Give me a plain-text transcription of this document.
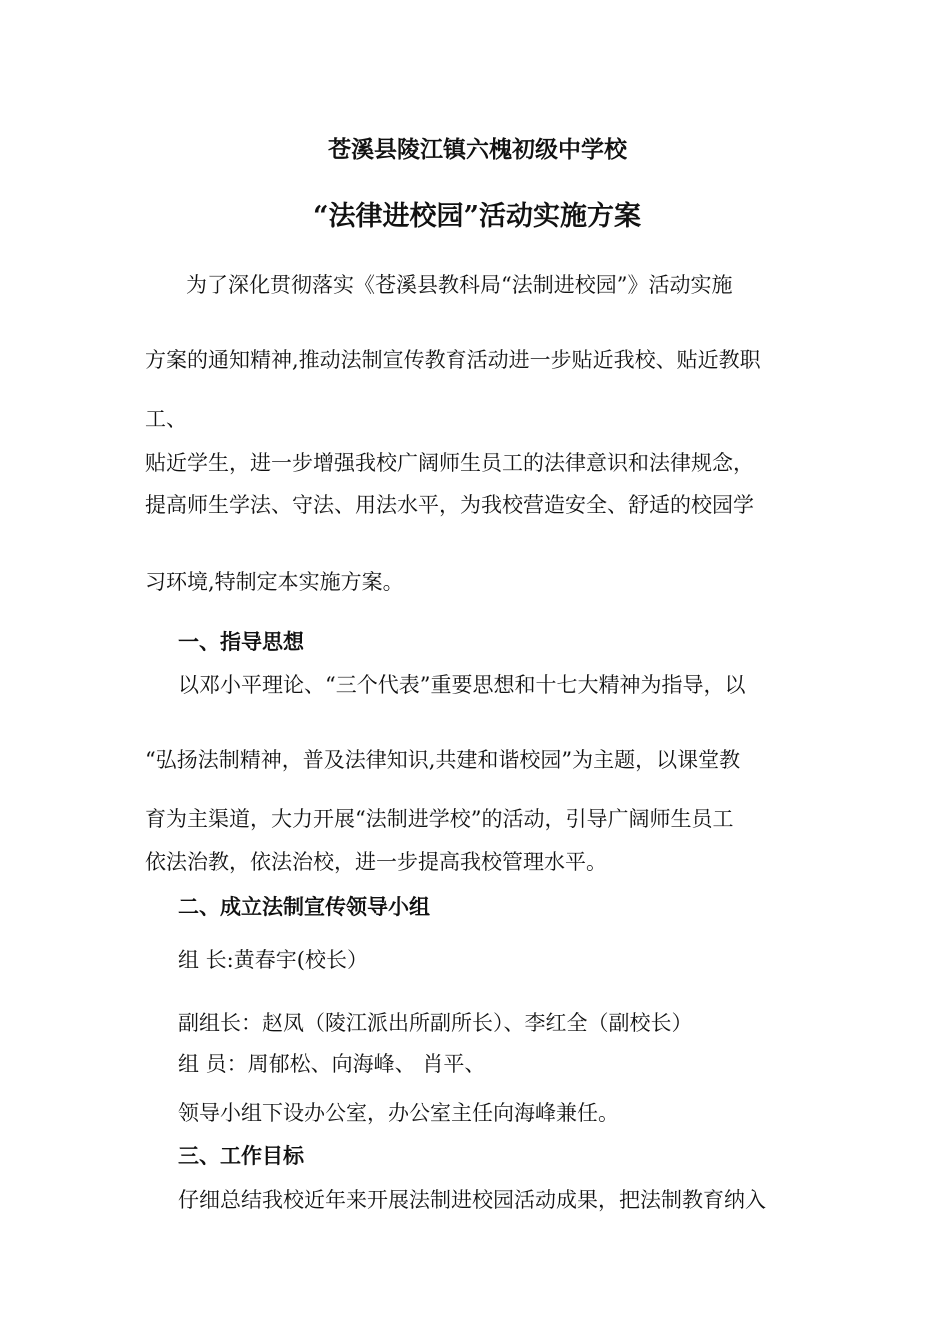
苍溪县陵江镇六槐初级中学校
“法律进校园”活动实施方案
为了深化贯彻落实《苍溪县教科局“法制进校园”》活动实施
方案的通知精神,推动法制宣传教育活动进一步贴近我校、贴近教职
工、
贴近学生，进一步增强我校广阔师生员工的法律意识和法律规念，
提高师生学法、守法、用法水平，为我校营造安全、舒适的校园学
习环境,特制定本实施方案。
一、指导思想
以邓小平理论、“三个代表”重要思想和十七大精神为指导，以
“弘扬法制精神，普及法律知识,共建和谐校园”为主题，以课堂教
育为主渠道，大力开展“法制进学校”的活动，引导广阔师生员工
依法治教，依法治校，进一步提高我校管理水平。
二、成立法制宣传领导小组
组 长:黄春宇(校长）
副组长：赵凤（陵江派出所副所长）、李红全（副校长）
组 员：周郁松、向海峰、 肖平、
领导小组下设办公室，办公室主任向海峰兼任。
三、工作目标
仔细总结我校近年来开展法制进校园活动成果，把法制教育纳入
